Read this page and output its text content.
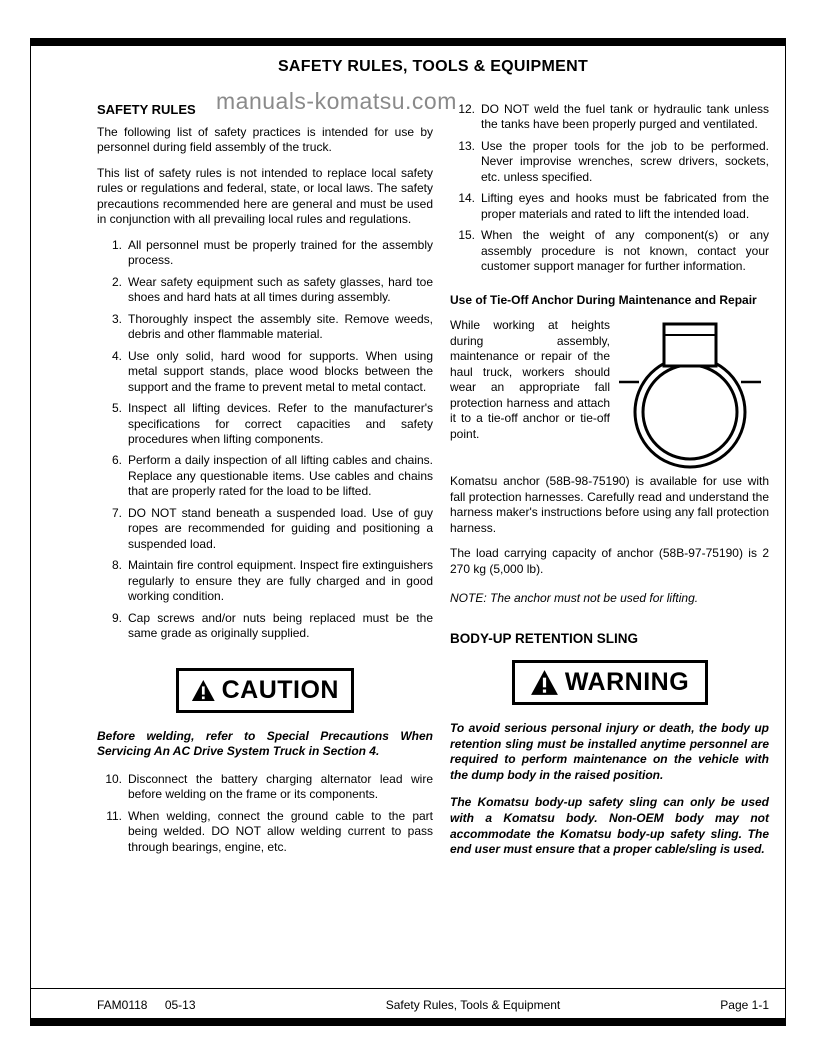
manuals-komatsu.com
SAFETY RULES, TOOLS & EQUIPMENT
SAFETY RULES

The following list of safety practices is intended for use by personnel during field assembly of the truck.

This list of safety rules is not intended to replace local safety rules or regulations and federal, state, or local laws. The safety precautions recommended here are general and must be used in conjunction with all prevailing local rules and regulations.

1. All personnel must be properly trained for the assembly process.
2. Wear safety equipment such as safety glasses, hard toe shoes and hard hats at all times during assembly.
3. Thoroughly inspect the assembly site. Remove weeds, debris and other flammable material.
4. Use only solid, hard wood for supports. When using metal support stands, place wood blocks between the support and the frame to prevent metal to metal contact.
5. Inspect all lifting devices. Refer to the manufacturer's specifications for correct capacities and safety procedures when lifting components.
6. Perform a daily inspection of all lifting cables and chains. Replace any questionable items. Use cables and chains that are properly rated for the load to be lifted.
7. DO NOT stand beneath a suspended load. Use of guy ropes are recommended for guiding and positioning a suspended load.
8. Maintain fire control equipment. Inspect fire extinguishers regularly to ensure they are fully charged and in good working condition.
9. Cap screws and/or nuts being replaced must be the same grade as originally supplied.
CAUTION

Before welding, refer to Special Precautions When Servicing An AC Drive System Truck in Section 4.

10. Disconnect the battery charging alternator lead wire before welding on the frame or its components.
11. When welding, connect the ground cable to the part being welded. DO NOT allow welding current to pass through bearings, engine, etc.
12. DO NOT weld the fuel tank or hydraulic tank unless the tanks have been properly purged and ventilated.
13. Use the proper tools for the job to be performed. Never improvise wrenches, screw drivers, sockets, etc. unless specified.
14. Lifting eyes and hooks must be fabricated from the proper materials and rated to lift the intended load.
15. When the weight of any component(s) or any assembly procedure is not known, contact your customer support manager for further information.
Use of Tie-Off Anchor During Maintenance and Repair

While working at heights during assembly, maintenance or repair of the haul truck, workers should wear an appropriate fall protection harness and attach it to a tie-off anchor or tie-off point.

Komatsu anchor (58B-98-75190) is available for use with fall protection harnesses. Carefully read and understand the harness maker's instructions before using any fall protection harness.

The load carrying capacity of anchor (58B-97-75190) is 2 270 kg (5,000 lb).

NOTE: The anchor must not be used for lifting.

BODY-UP RETENTION SLING
WARNING

To avoid serious personal injury or death, the body up retention sling must be installed anytime personnel are required to perform maintenance on the vehicle with the dump body in the raised position.

The Komatsu body-up safety sling can only be used with a Komatsu body. Non-OEM body may not accommodate the Komatsu body-up safety sling. The end user must ensure that a proper cable/sling is used.

FAM0118 05-13	Safety Rules, Tools & Equipment	Page 1-1
